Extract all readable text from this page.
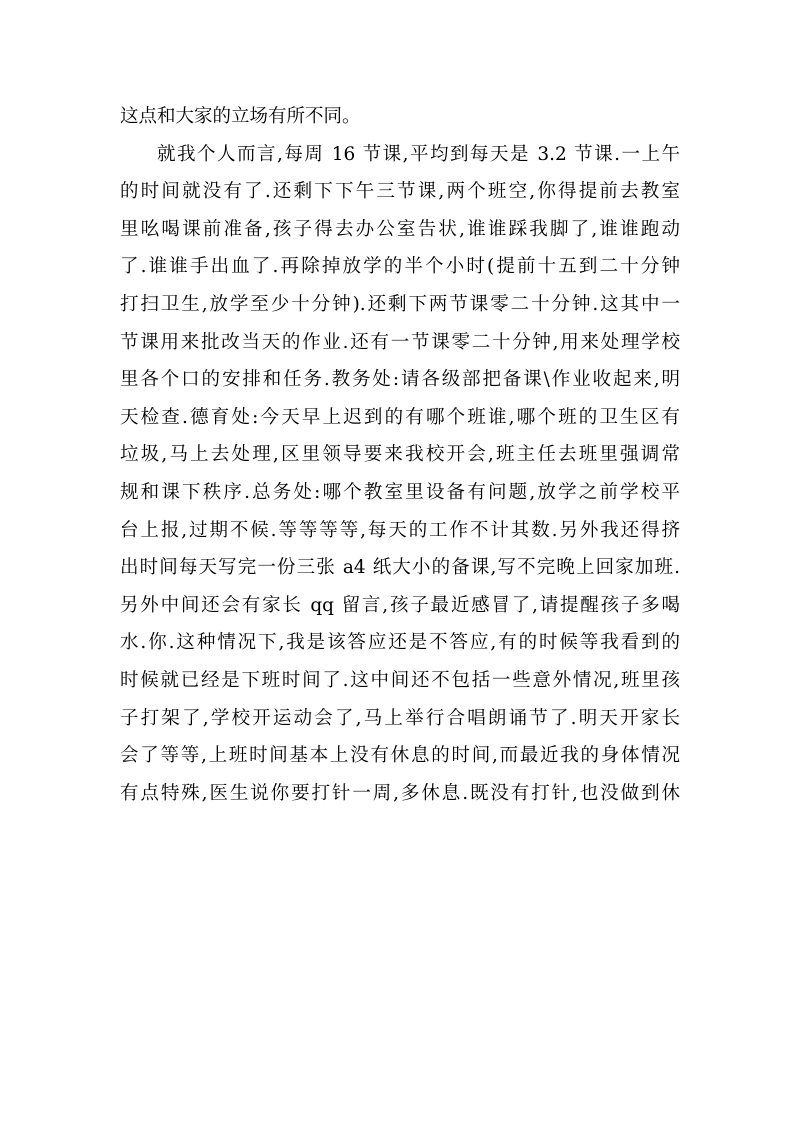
这点和大家的立场有所不同。
就我个人而言,每周 16 节课,平均到每天是 3.2 节课.一上午
的时间就没有了.还剩下下午三节课,两个班空,你得提前去教室
里吆喝课前准备,孩子得去办公室告状,谁谁踩我脚了,谁谁跑动
了.谁谁手出血了.再除掉放学的半个小时(提前十五到二十分钟
打扫卫生,放学至少十分钟).还剩下两节课零二十分钟.这其中一
节课用来批改当天的作业.还有一节课零二十分钟,用来处理学校
里各个口的安排和任务.教务处:请各级部把备课\作业收起来,明
天检查.德育处:今天早上迟到的有哪个班谁,哪个班的卫生区有
垃圾,马上去处理,区里领导要来我校开会,班主任去班里强调常
规和课下秩序.总务处:哪个教室里设备有问题,放学之前学校平
台上报,过期不候.等等等等,每天的工作不计其数.另外我还得挤
出时间每天写完一份三张 a4 纸大小的备课,写不完晚上回家加班.
另外中间还会有家长 qq 留言,孩子最近感冒了,请提醒孩子多喝
水.你.这种情况下,我是该答应还是不答应,有的时候等我看到的
时候就已经是下班时间了.这中间还不包括一些意外情况,班里孩
子打架了,学校开运动会了,马上举行合唱朗诵节了.明天开家长
会了等等,上班时间基本上没有休息的时间,而最近我的身体情况
有点特殊,医生说你要打针一周,多休息.既没有打针,也没做到休
